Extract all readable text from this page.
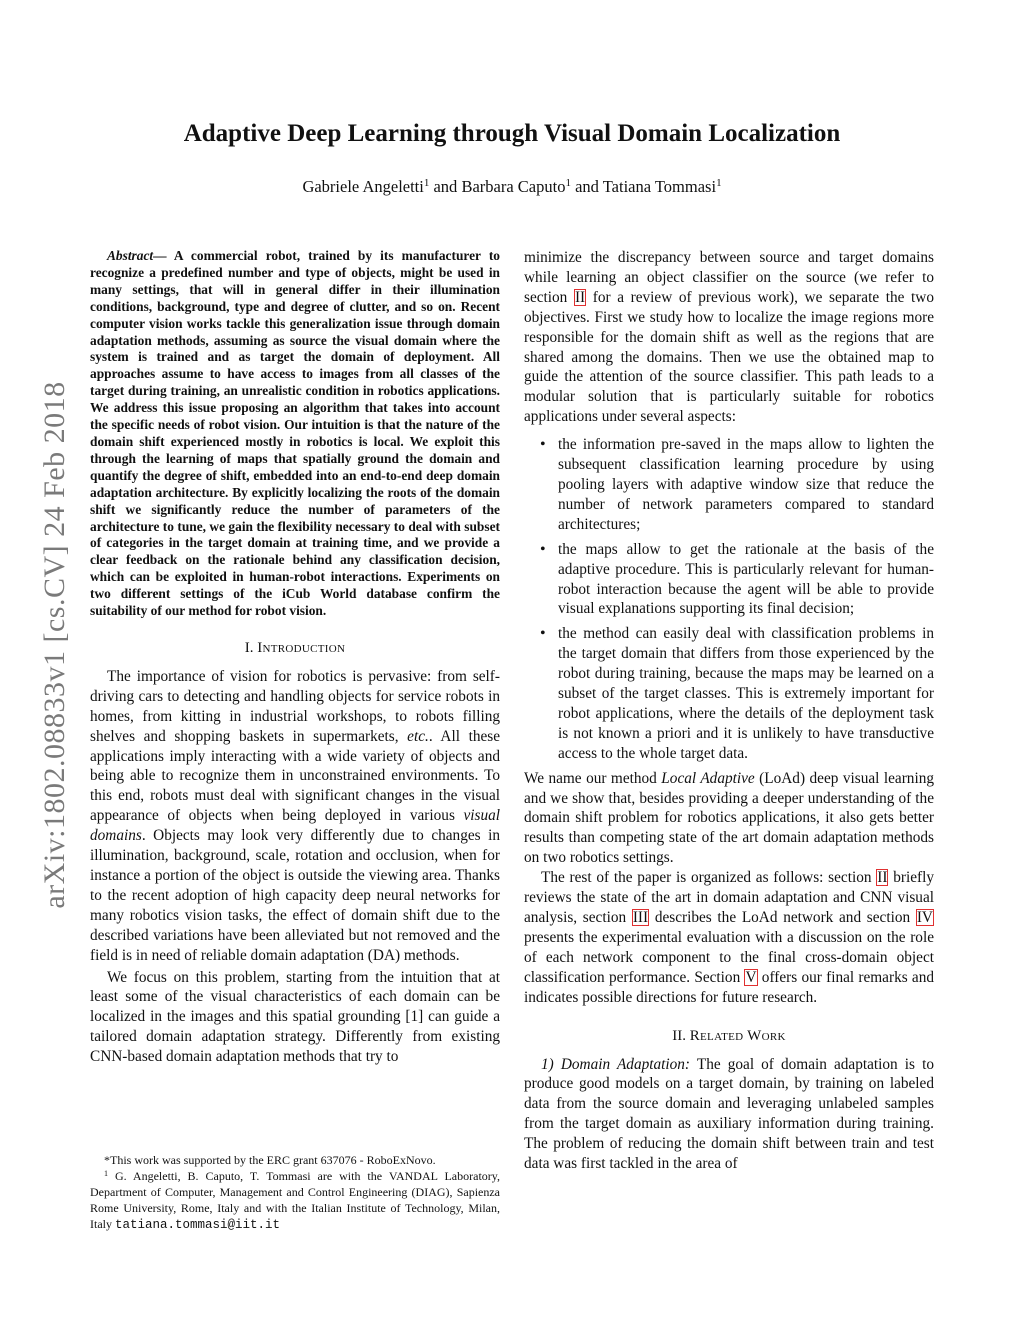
Adaptive Deep Learning through Visual Domain Localization
Gabriele Angeletti$^1$ and Barbara Caputo$^1$ and Tatiana Tommasi$^1$
arXiv:1802.08833v1 [cs.CV] 24 Feb 2018

Abstract— A commercial robot, trained by its manufacturer to recognize a predefined number and type of objects, might be used in many settings, that will in general differ in their illumination conditions, background, type and degree of clutter, and so on. Recent computer vision works tackle this generalization issue through domain adaptation methods, assuming as source the visual domain where the system is trained and as target the domain of deployment. All approaches assume to have access to images from all classes of the target during training, an unrealistic condition in robotics applications. We address this issue proposing an algorithm that takes into account the specific needs of robot vision. Our intuition is that the nature of the domain shift experienced mostly in robotics is local. We exploit this through the learning of maps that spatially ground the domain and quantify the degree of shift, embedded into an end-to-end deep domain adaptation architecture. By explicitly localizing the roots of the domain shift we significantly reduce the number of parameters of the architecture to tune, we gain the flexibility necessary to deal with subset of categories in the target domain at training time, and we provide a clear feedback on the rationale behind any classification decision, which can be exploited in human-robot interactions. Experiments on two different settings of the iCub World database confirm the suitability of our method for robot vision.

I. Introduction

The importance of vision for robotics is pervasive: from self-driving cars to detecting and handling objects for service robots in homes, from kitting in industrial workshops, to robots filling shelves and shopping baskets in supermarkets, etc.. All these applications imply interacting with a wide variety of objects and being able to recognize them in unconstrained environments. To this end, robots must deal with significant changes in the visual appearance of objects when being deployed in various visual domains. Objects may look very differently due to changes in illumination, background, scale, rotation and occlusion, when for instance a portion of the object is outside the viewing area. Thanks to the recent adoption of high capacity deep neural networks for many robotics vision tasks, the effect of domain shift due to the described variations have been alleviated but not removed and the field is in need of reliable domain adaptation (DA) methods.

We focus on this problem, starting from the intuition that at least some of the visual characteristics of each domain can be localized in the images and this spatial grounding [1] can guide a tailored domain adaptation strategy. Differently from existing CNN-based domain adaptation methods that try to

*This work was supported by the ERC grant 637076 - RoboExNovo.

$^1$ G. Angeletti, B. Caputo, T. Tommasi are with the VANDAL Laboratory, Department of Computer, Management and Control Engineering (DIAG), Sapienza Rome University, Rome, Italy and with the Italian Institute of Technology, Milan, Italy tatiana.tommasi@iit.it

minimize the discrepancy between source and target domains while learning an object classifier on the source (we refer to section II for a review of previous work), we separate the two objectives. First we study how to localize the image regions more responsible for the domain shift as well as the regions that are shared among the domains. Then we use the obtained map to guide the attention of the source classifier. This path leads to a modular solution that is particularly suitable for robotics applications under several aspects:

• the information pre-saved in the maps allow to lighten the subsequent classification learning procedure by using pooling layers with adaptive window size that reduce the number of network parameters compared to standard architectures;
• the maps allow to get the rationale at the basis of the adaptive procedure. This is particularly relevant for human-robot interaction because the agent will be able to provide visual explanations supporting its final decision;
• the method can easily deal with classification problems in the target domain that differs from those experienced by the robot during training, because the maps may be learned on a subset of the target classes. This is extremely important for robot applications, where the details of the deployment task is not known a priori and it is unlikely to have transductive access to the whole target data.

We name our method Local Adaptive (LoAd) deep visual learning and we show that, besides providing a deeper understanding of the domain shift problem for robotics applications, it also gets better results than competing state of the art domain adaptation methods on two robotics settings.

The rest of the paper is organized as follows: section II briefly reviews the state of the art in domain adaptation and CNN visual analysis, section III describes the LoAd network and section IV presents the experimental evaluation with a discussion on the role of each network component to the final cross-domain object classification performance. Section V offers our final remarks and indicates possible directions for future research.

II. Related Work

1) Domain Adaptation: The goal of domain adaptation is to produce good models on a target domain, by training on labeled data from the source domain and leveraging unlabeled samples from the target domain as auxiliary information during training. The problem of reducing the domain shift between train and test data was first tackled in the area of
